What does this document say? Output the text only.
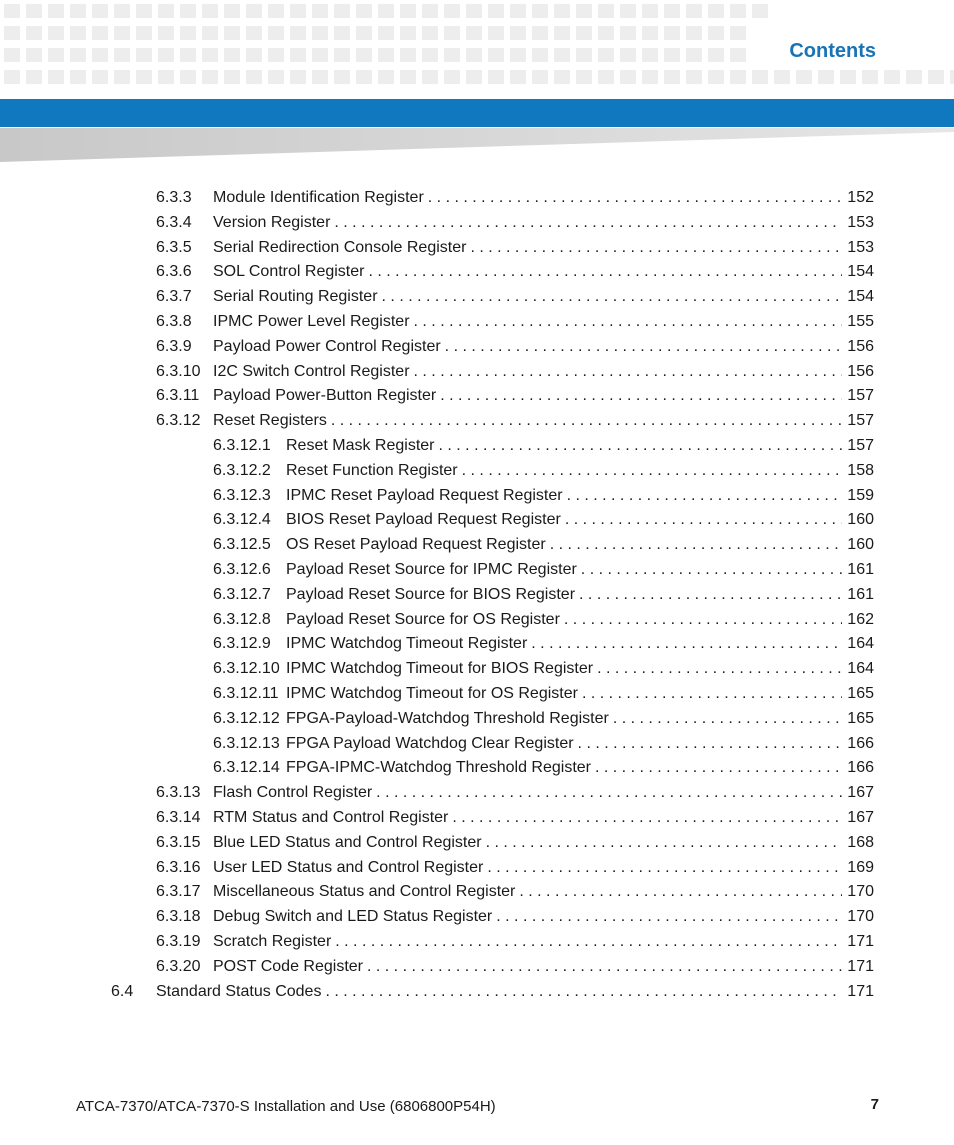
Contents
6.3.3	Module Identification Register . . .	152
6.3.4	Version Register . . .	153
6.3.5	Serial Redirection Console Register . . .	153
6.3.6	SOL Control Register . . .	154
6.3.7	Serial Routing Register . . .	154
6.3.8	IPMC Power Level Register . . .	155
6.3.9	Payload Power Control Register . . .	156
6.3.10 I2C Switch Control Register . . .	156
6.3.11 Payload Power-Button Register . . .	157
6.3.12 Reset Registers . . .	157
6.3.12.1 Reset Mask Register . . .	157
6.3.12.2 Reset Function Register . . .	158
6.3.12.3 IPMC Reset Payload Request Register . . .	159
6.3.12.4 BIOS Reset Payload Request Register . . .	160
6.3.12.5 OS Reset Payload Request Register . . .	160
6.3.12.6 Payload Reset Source for IPMC Register . . .	161
6.3.12.7 Payload Reset Source for BIOS Register . . .	161
6.3.12.8 Payload Reset Source for OS Register . . .	162
6.3.12.9 IPMC Watchdog Timeout Register . . .	164
6.3.12.10 IPMC Watchdog Timeout for BIOS Register . . .	164
6.3.12.11 IPMC Watchdog Timeout for OS Register . . .	165
6.3.12.12 FPGA-Payload-Watchdog Threshold Register . . .	165
6.3.12.13 FPGA Payload Watchdog Clear Register . . .	166
6.3.12.14 FPGA-IPMC-Watchdog Threshold Register . . .	166
6.3.13 Flash Control Register . . .	167
6.3.14 RTM Status and Control Register . . .	167
6.3.15 Blue LED Status and Control Register . . .	168
6.3.16 User LED Status and Control Register . . .	169
6.3.17 Miscellaneous Status and Control Register . . .	170
6.3.18 Debug Switch and LED Status Register . . .	170
6.3.19 Scratch Register . . .	171
6.3.20 POST Code Register . . .	171
6.4	Standard Status Codes . . .	171
ATCA-7370/ATCA-7370-S Installation and Use (6806800P54H)	7
